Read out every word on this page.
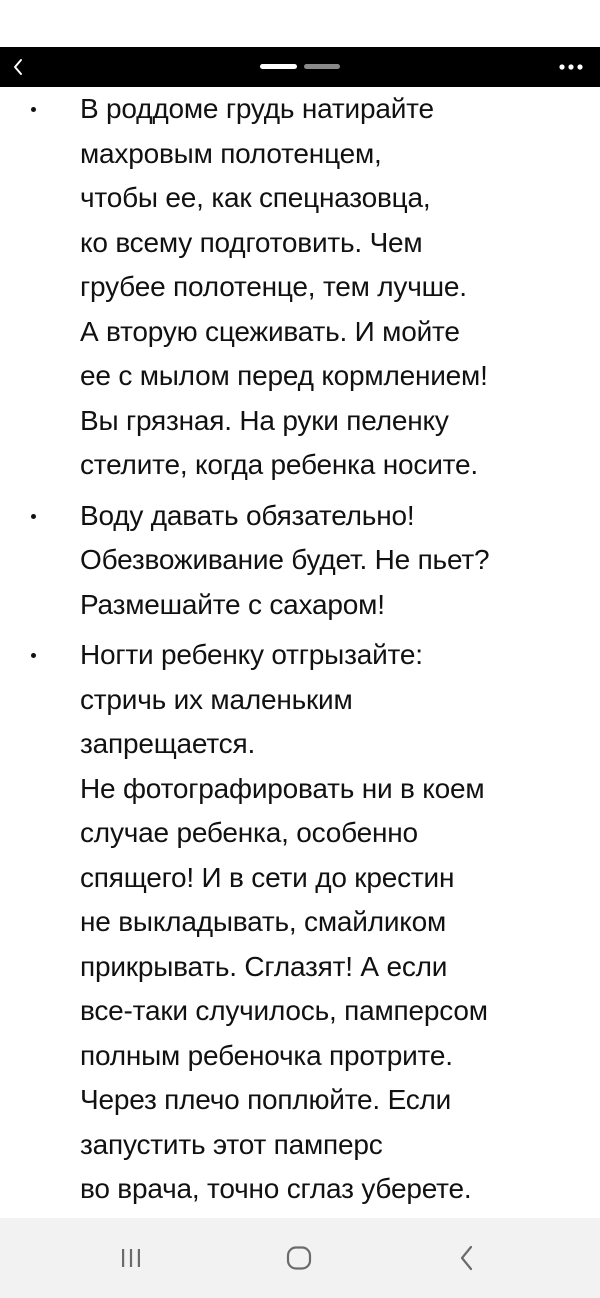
В роддоме грудь натирайте
махровым полотенцем,
чтобы ее, как спецназовца,
ко всему подготовить. Чем
грубее полотенце, тем лучше.
А вторую сцеживать. И мойте
ее с мылом перед кормлением!
Вы грязная. На руки пеленку
стелите, когда ребенка носите.
Воду давать обязательно!
Обезвоживание будет. Не пьет?
Размешайте с сахаром!
Ногти ребенку отгрызайте:
стричь их маленьким
запрещается.
Не фотографировать ни в коем
случае ребенка, особенно
спящего! И в сети до крестин
не выкладывать, смайликом
прикрывать. Сглазят! А если
все-таки случилось, памперсом
полным ребеночка протрите.
Через плечо поплюйте. Если
запустить этот памперс
во врача, точно сглаз уберете.
